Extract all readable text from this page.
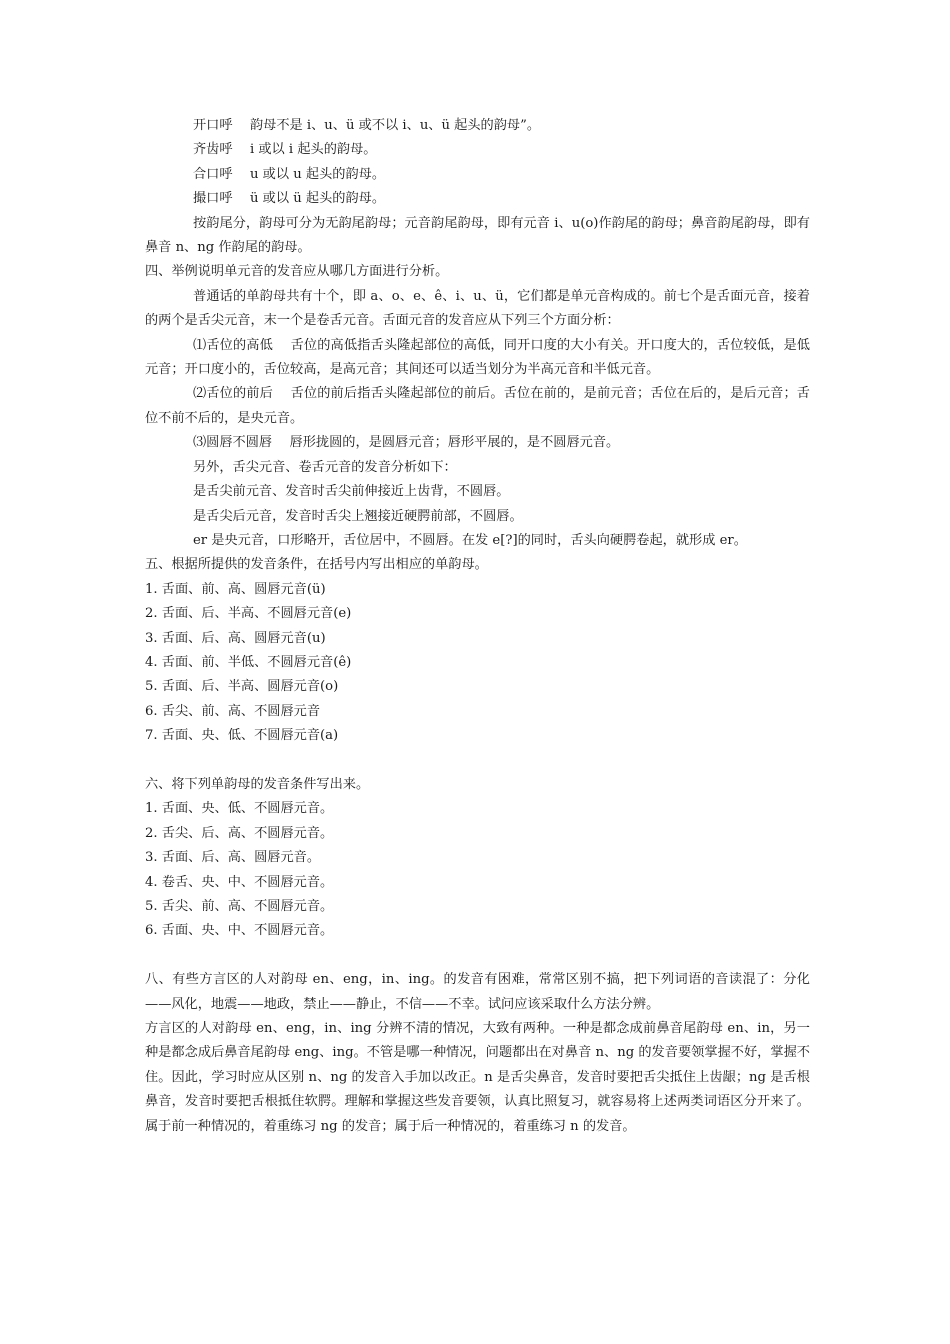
开口呼　 韵母不是 i、u、ü 或不以 i、u、ü 起头的韵母”。

齐齿呼　 i 或以 i 起头的韵母。

合口呼　 u 或以 u 起头的韵母。

撮口呼　 ü 或以 ü 起头的韵母。

按韵尾分，韵母可分为无韵尾韵母；元音韵尾韵母，即有元音 i、u(o)作韵尾的韵母；鼻音韵尾韵母，即有鼻音 n、ng 作韵尾的韵母。

四、举例说明单元音的发音应从哪几方面进行分析。

普通话的单韵母共有十个，即 a、o、e、ê、i、u、ü，它们都是单元音构成的。前七个是舌面元音，接着的两个是舌尖元音，末一个是卷舌元音。舌面元音的发音应从下列三个方面分析：

⑴舌位的高低　 舌位的高低指舌头隆起部位的高低，同开口度的大小有关。开口度大的，舌位较低，是低元音；开口度小的，舌位较高，是高元音；其间还可以适当划分为半高元音和半低元音。

⑵舌位的前后　 舌位的前后指舌头隆起部位的前后。舌位在前的，是前元音；舌位在后的，是后元音；舌位不前不后的，是央元音。

⑶圆唇不圆唇　 唇形拢圆的，是圆唇元音；唇形平展的，是不圆唇元音。

另外，舌尖元音、卷舌元音的发音分析如下：

是舌尖前元音、发音时舌尖前伸接近上齿背，不圆唇。

是舌尖后元音，发音时舌尖上翘接近硬腭前部，不圆唇。

er 是央元音，口形略开，舌位居中，不圆唇。在发 e[?]的同时，舌头向硬腭卷起，就形成 er。

五、根据所提供的发音条件，在括号内写出相应的单韵母。

1. 舌面、前、高、圆唇元音(ü)

2. 舌面、后、半高、不圆唇元音(e)

3. 舌面、后、高、圆唇元音(u)

4. 舌面、前、半低、不圆唇元音(ê)

5. 舌面、后、半高、圆唇元音(o)

6. 舌尖、前、高、不圆唇元音

7. 舌面、央、低、不圆唇元音(a)

六、将下列单韵母的发音条件写出来。

1. 舌面、央、低、不圆唇元音。

2. 舌尖、后、高、不圆唇元音。

3. 舌面、后、高、圆唇元音。

4. 卷舌、央、中、不圆唇元音。

5. 舌尖、前、高、不圆唇元音。

6. 舌面、央、中、不圆唇元音。

八、有些方言区的人对韵母 en、eng，in、ing。的发音有困难，常常区别不搞，把下列词语的音读混了：分化——风化，地震——地政，禁止——静止，不信——不幸。试问应该采取什么方法分辨。

方言区的人对韵母 en、eng，in、ing 分辨不清的情况，大致有两种。一种是都念成前鼻音尾韵母 en、in，另一种是都念成后鼻音尾韵母 eng、ing。不管是哪一种情况，问题都出在对鼻音 n、ng 的发音要领掌握不好，掌握不住。因此，学习时应从区别 n、ng 的发音入手加以改正。n 是舌尖鼻音，发音时要把舌尖抵住上齿龈；ng 是舌根鼻音，发音时要把舌根抵住软腭。理解和掌握这些发音要领，认真比照复习，就容易将上述两类词语区分开来了。属于前一种情况的，着重练习 ng 的发音；属于后一种情况的，着重练习 n 的发音。
